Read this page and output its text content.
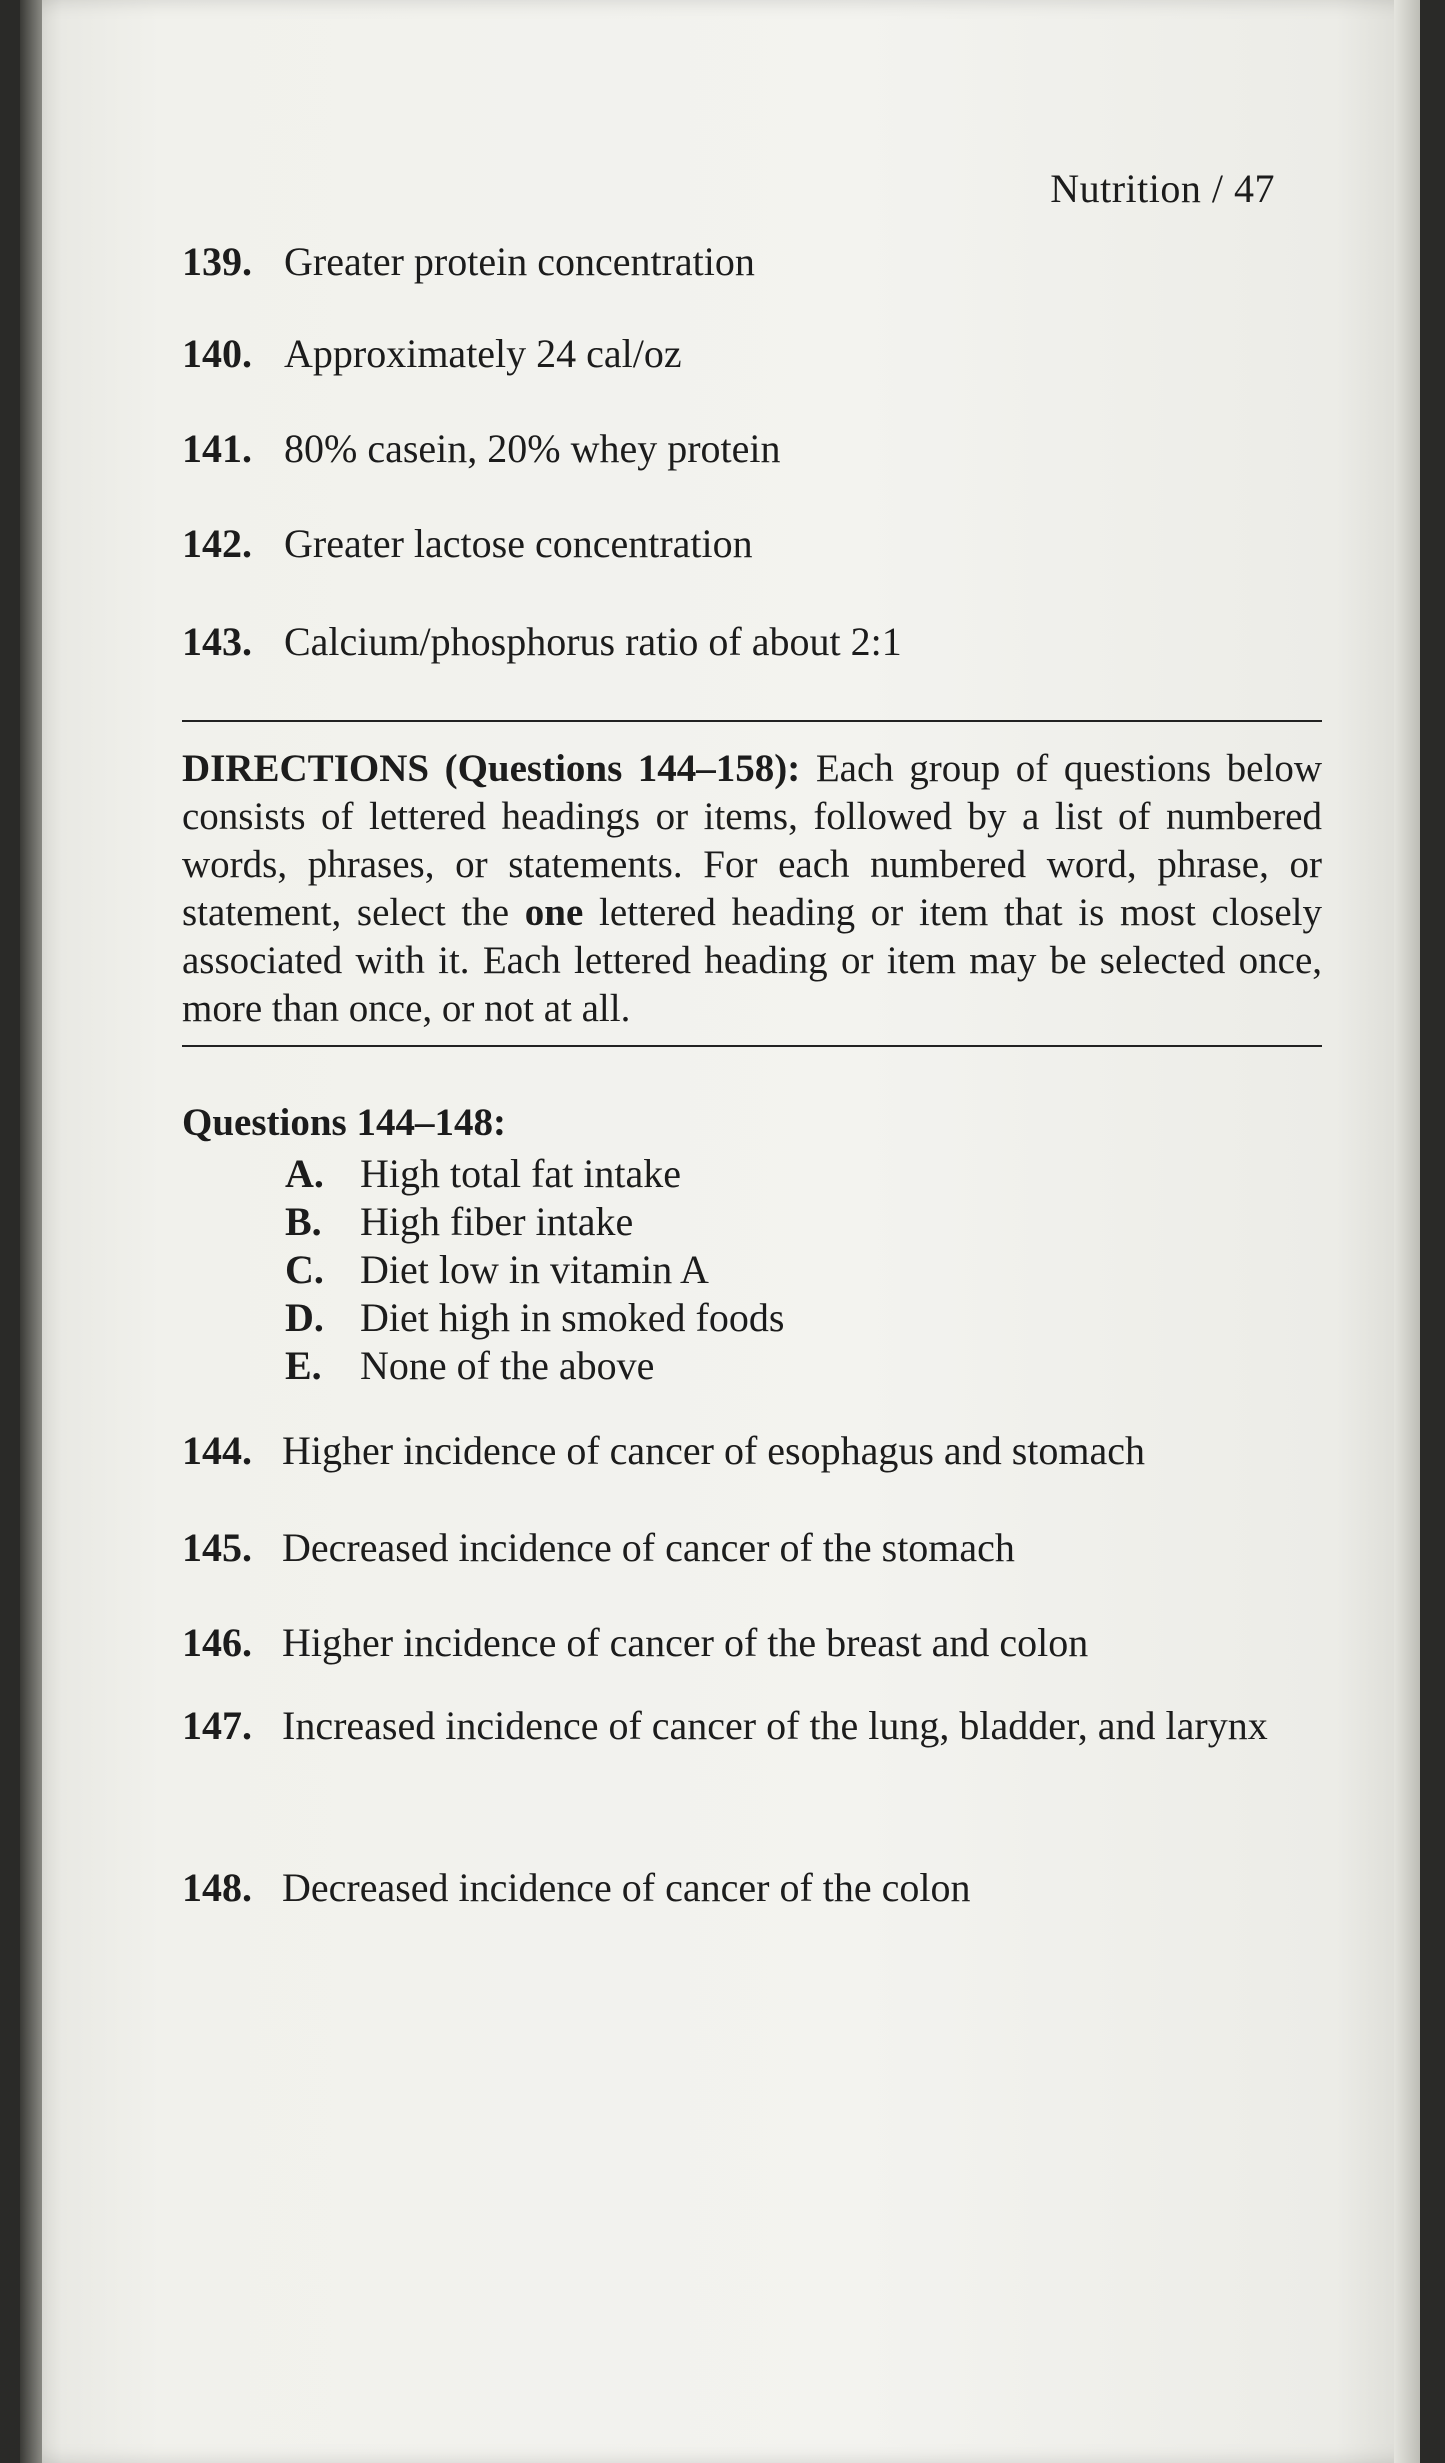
Nutrition / 47
139. Greater protein concentration
140. Approximately 24 cal/oz
141. 80% casein, 20% whey protein
142. Greater lactose concentration
143. Calcium/phosphorus ratio of about 2:1
DIRECTIONS (Questions 144–158): Each group of questions below consists of lettered headings or items, followed by a list of numbered words, phrases, or statements. For each numbered word, phrase, or statement, select the one lettered heading or item that is most closely associated with it. Each lettered heading or item may be selected once, more than once, or not at all.
Questions 144–148:
A. High total fat intake
B. High fiber intake
C. Diet low in vitamin A
D. Diet high in smoked foods
E. None of the above
144. Higher incidence of cancer of esophagus and stomach
145. Decreased incidence of cancer of the stomach
146. Higher incidence of cancer of the breast and colon
147. Increased incidence of cancer of the lung, bladder, and larynx
148. Decreased incidence of cancer of the colon
